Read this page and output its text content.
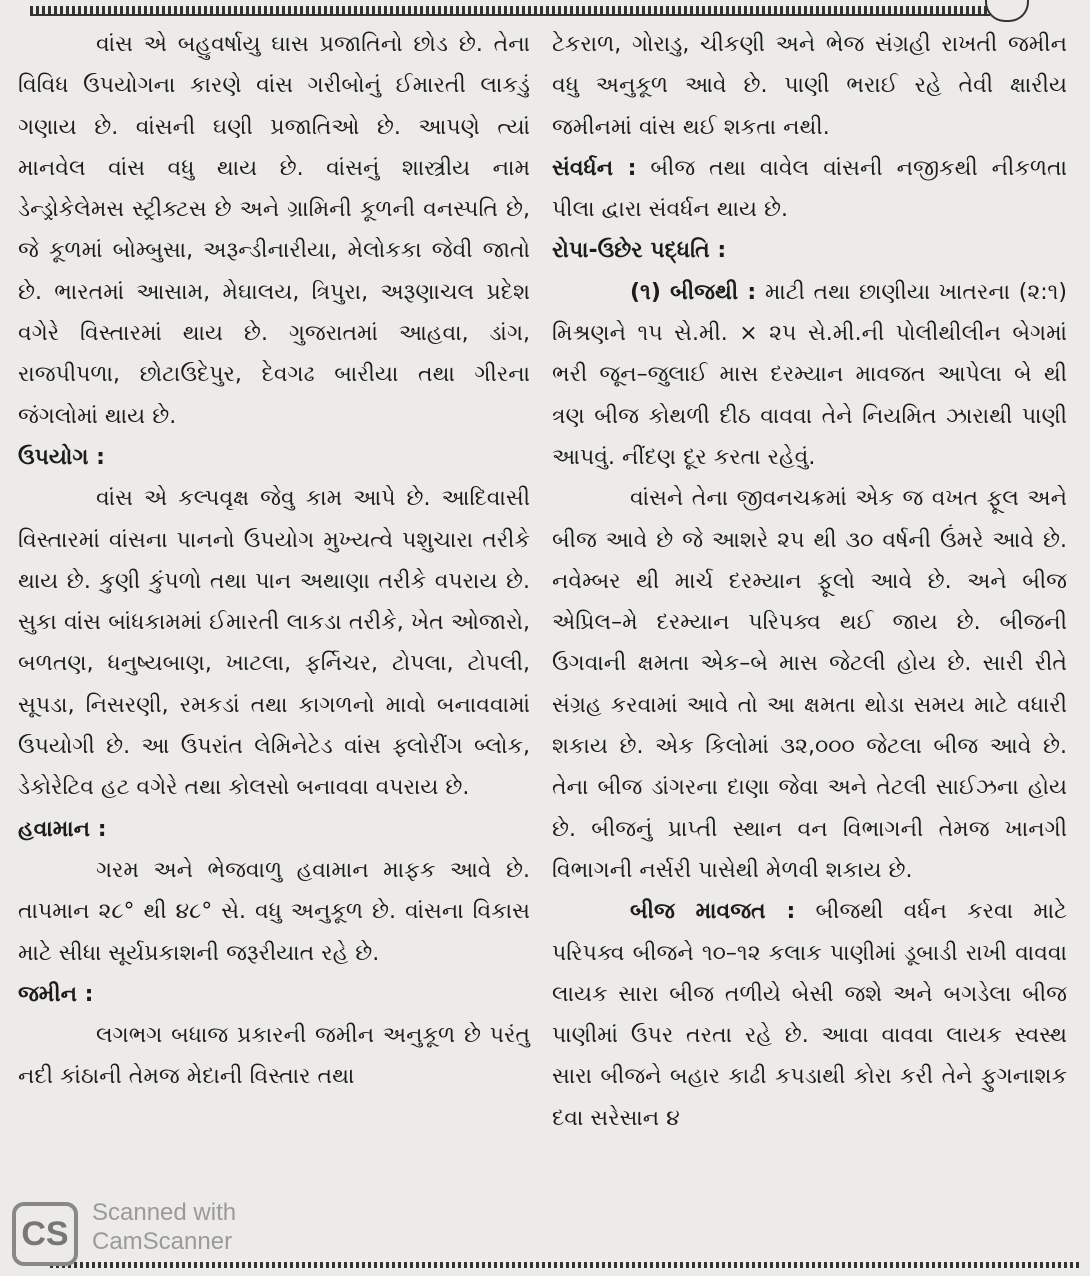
વાંસ એ બહુવર્ષાયુ ઘાસ પ્રજાતિનો છોડ છે. તેના વિવિધ ઉપયોગના કારણે વાંસ ગરીબોનું ઈમારતી લાકડું ગણાય છે. વાંસની ઘણી પ્રજાતિઓ છે. આપણે ત્યાં માનવેલ વાંસ વધુ થાય છે. વાંસનું શાસ્ત્રીય નામ ડેન્ડ્રોકેલેમસ સ્ટ્રીક્ટસ છે અને ગ્રામિની કૂળની વનસ્પતિ છે, જે કૂળમાં બોમ્બુસા, અરૂન્ડીનારીયા, મેલોકકા જેવી જાતો છે. ભારતમાં આસામ, મેઘાલય, ત્રિપુરા, અરૂણાચલ પ્રદેશ વગેરે વિસ્તારમાં થાય છે. ગુજરાતમાં આહવા, ડાંગ, રાજપીપળા, છોટાઉદેપુર, દેવગઢ બારીયા તથા ગીરના જંગલોમાં થાય છે.

ઉપયોગ :

વાંસ એ કલ્પવૃક્ષ જેવુ કામ આપે છે. આદિવાસી વિસ્તારમાં વાંસના પાનનો ઉપયોગ મુખ્યત્વે પશુચારા તરીકે થાય છે. કુણી કુંપળો તથા પાન અથાણા તરીકે વપરાય છે. સુકા વાંસ બાંધકામમાં ઈમારતી લાકડા તરીકે, ખેત ઓજારો, બળતણ, ધનુષ્યબાણ, ખાટલા, ફર્નિચર, ટોપલા, ટોપલી, સૂપડા, નિસરણી, રમકડાં તથા કાગળનો માવો બનાવવામાં ઉપયોગી છે. આ ઉપરાંત લેમિનેટેડ વાંસ ફ્લોરીંગ બ્લોક, ડેકોરેટિવ હટ વગેરે તથા કોલસો બનાવવા વપરાય છે.

હવામાન :

ગરમ અને ભેજવાળુ હવામાન માફક આવે છે. તાપમાન ૨૮° થી ૪૮° સે. વધુ અનુકૂળ છે. વાંસના વિકાસ માટે સીધા સૂર્યપ્રકાશની જરૂરીયાત રહે છે.

જમીન :

લગભગ બધાજ પ્રકારની જમીન અનુકૂળ છે પરંતુ નદી કાંઠાની તેમજ મેદાની વિસ્તાર તથા

ટેકરાળ, ગોરાડુ, ચીકણી અને ભેજ સંગ્રહી રાખતી જમીન વધુ અનુકૂળ આવે છે. પાણી ભરાઈ રહે તેવી ક્ષારીય જમીનમાં વાંસ થઈ શકતા નથી.

સંવર્ધન : બીજ તથા વાવેલ વાંસની નજીકથી નીકળતા પીલા દ્વારા સંવર્ધન થાય છે.

રોપા-ઉછેર પદ્ધતિ :

(૧) બીજથી : માટી તથા છાણીયા ખાતરના (૨:૧) મિશ્રણને ૧૫ સે.મી. × ૨૫ સે.મી.ની પોલીથીલીન બેગમાં ભરી જૂન–જુલાઈ માસ દરમ્યાન માવજત આપેલા બે થી ત્રણ બીજ કોથળી દીઠ વાવવા તેને નિયમિત ઝારાથી પાણી આપવું. નીંદણ દૂર કરતા રહેવું.

વાંસને તેના જીવનચક્રમાં એક જ વખત ફૂલ અને બીજ આવે છે જે આશરે ૨૫ થી ૩૦ વર્ષની ઉંમરે આવે છે. નવેમ્બર થી માર્ચ દરમ્યાન ફૂલો આવે છે. અને બીજ એપ્રિલ–મે દરમ્યાન પરિપક્વ થઈ જાય છે. બીજની ઉગવાની ક્ષમતા એક–બે માસ જેટલી હોય છે. સારી રીતે સંગ્રહ કરવામાં આવે તો આ ક્ષમતા થોડા સમય માટે વધારી શકાય છે. એક કિલોમાં ૩૨,૦૦૦ જેટલા બીજ આવે છે. તેના બીજ ડાંગરના દાણા જેવા અને તેટલી સાઈઝના હોય છે. બીજનું પ્રાપ્તી સ્થાન વન વિભાગની તેમજ ખાનગી વિભાગની નર્સરી પાસેથી મેળવી શકાય છે.

બીજ માવજત : બીજથી વર્ધન કરવા માટે પરિપક્વ બીજને ૧૦–૧૨ કલાક પાણીમાં ડૂબાડી રાખી વાવવા લાયક સારા બીજ તળીયે બેસી જશે અને બગડેલા બીજ પાણીમાં ઉપર તરતા રહે છે. આવા વાવવા લાયક સ્વસ્થ સારા બીજને બહાર કાઢી કપડાથી કોરા કરી તેને ફુગનાશક દવા સરેસાન ૪

CS
Scanned with
CamScanner
